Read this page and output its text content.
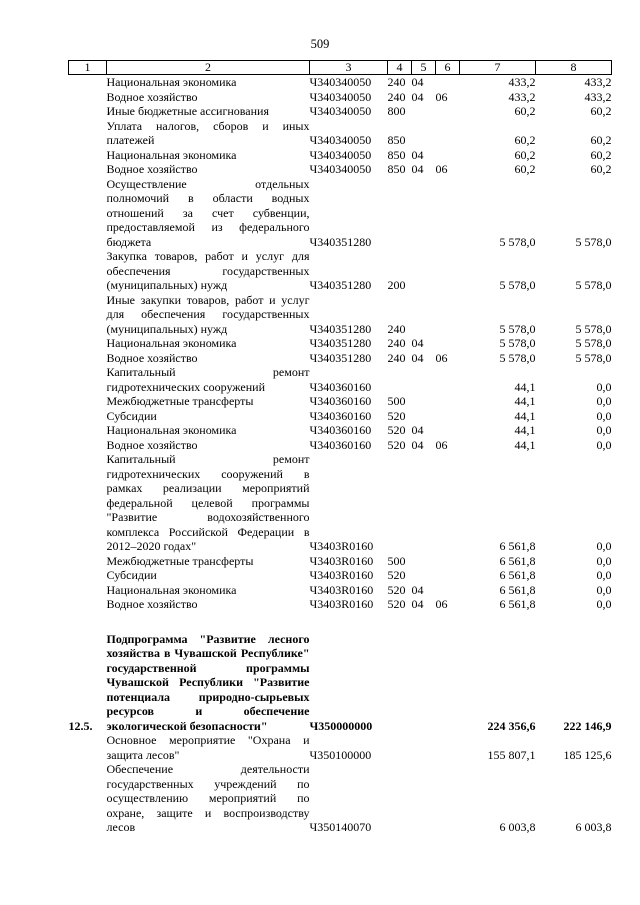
509
1	2	3	4	5	6	7	8
	Национальная экономика	Ч340340050	240	04		433,2	433,2
	Водное хозяйство	Ч340340050	240	04	06	433,2	433,2
	Иные бюджетные ассигнования	Ч340340050	800			60,2	60,2
	Уплата налогов, сборов и иных платежей	Ч340340050	850			60,2	60,2
	Национальная экономика	Ч340340050	850	04		60,2	60,2
	Водное хозяйство	Ч340340050	850	04	06	60,2	60,2
	Осуществление отдельных полномочий в области водных отношений за счет субвенции, предоставляемой из федерального бюджета	Ч340351280				5 578,0	5 578,0
	Закупка товаров, работ и услуг для обеспечения государственных (муниципальных) нужд	Ч340351280	200			5 578,0	5 578,0
	Иные закупки товаров, работ и услуг для обеспечения государственных (муниципальных) нужд	Ч340351280	240			5 578,0	5 578,0
	Национальная экономика	Ч340351280	240	04		5 578,0	5 578,0
	Водное хозяйство	Ч340351280	240	04	06	5 578,0	5 578,0
	Капитальный ремонт гидротехнических сооружений	Ч340360160				44,1	0,0
	Межбюджетные трансферты	Ч340360160	500			44,1	0,0
	Субсидии	Ч340360160	520			44,1	0,0
	Национальная экономика	Ч340360160	520	04		44,1	0,0
	Водное хозяйство	Ч340360160	520	04	06	44,1	0,0
	Капитальный ремонт гидротехнических сооружений в рамках реализации мероприятий федеральной целевой программы "Развитие водохозяйственного комплекса Российской Федерации в 2012–2020 годах"	Ч3403R0160				6 561,8	0,0
	Межбюджетные трансферты	Ч3403R0160	500			6 561,8	0,0
	Субсидии	Ч3403R0160	520			6 561,8	0,0
	Национальная экономика	Ч3403R0160	520	04		6 561,8	0,0
	Водное хозяйство	Ч3403R0160	520	04	06	6 561,8	0,0

12.5.	Подпрограмма "Развитие лесного хозяйства в Чувашской Республике" государственной программы Чувашской Республики "Развитие потенциала природно-сырьевых ресурсов и обеспечение экологической безопасности"	Ч350000000				224 356,6	222 146,9
	Основное мероприятие "Охрана и защита лесов"	Ч350100000				155 807,1	185 125,6
	Обеспечение деятельности государственных учреждений по осуществлению мероприятий по охране, защите и воспроизводству лесов	Ч350140070				6 003,8	6 003,8
